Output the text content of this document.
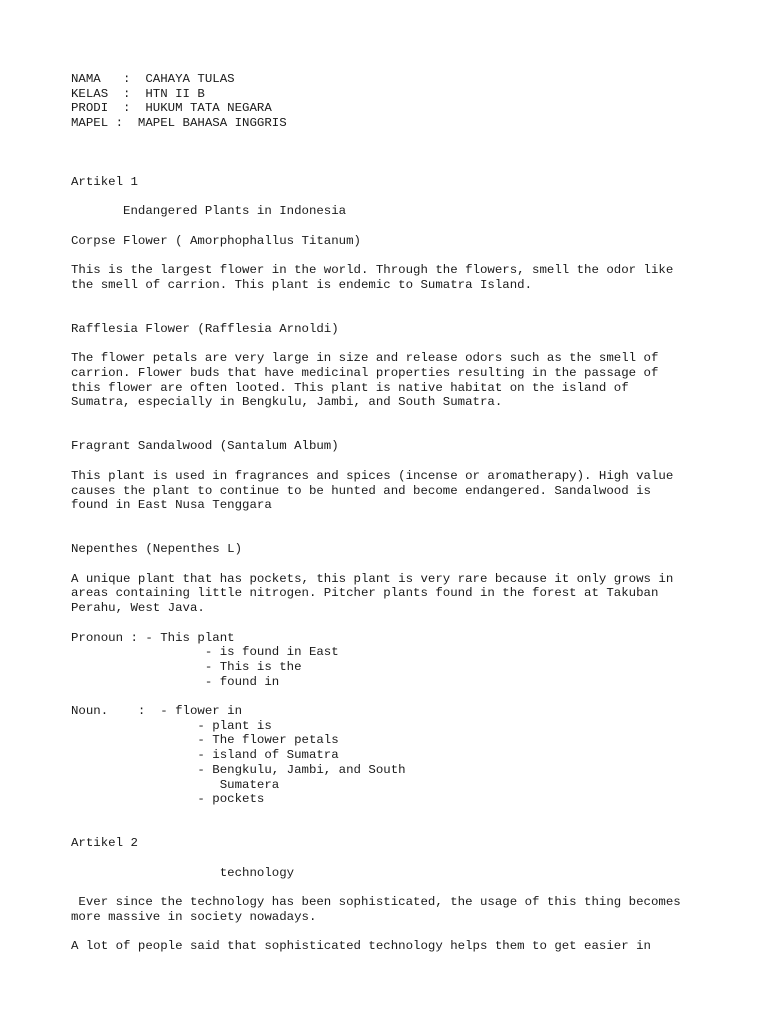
NAMA   :  CAHAYA TULAS
KELAS  :  HTN II B
PRODI  :  HUKUM TATA NEGARA
MAPEL :  MAPEL BAHASA INGGRIS
Artikel 1
Endangered Plants in Indonesia
Corpse Flower ( Amorphophallus Titanum)
This is the largest flower in the world. Through the flowers, smell the odor like
the smell of carrion. This plant is endemic to Sumatra Island.
Rafflesia Flower (Rafflesia Arnoldi)
The flower petals are very large in size and release odors such as the smell of
carrion. Flower buds that have medicinal properties resulting in the passage of
this flower are often looted. This plant is native habitat on the island of
Sumatra, especially in Bengkulu, Jambi, and South Sumatra.
Fragrant Sandalwood (Santalum Album)
This plant is used in fragrances and spices (incense or aromatherapy). High value
causes the plant to continue to be hunted and become endangered. Sandalwood is
found in East Nusa Tenggara
Nepenthes (Nepenthes L)
A unique plant that has pockets, this plant is very rare because it only grows in
areas containing little nitrogen. Pitcher plants found in the forest at Takuban
Perahu, West Java.
Pronoun : - This plant
- is found in East
- This is the
- found in
Noun.    :  - flower in
- plant is
- The flower petals
- island of Sumatra
- Bengkulu, Jambi, and South
Sumatera
- pockets
Artikel 2
technology
Ever since the technology has been sophisticated, the usage of this thing becomes
more massive in society nowadays.
A lot of people said that sophisticated technology helps them to get easier in
